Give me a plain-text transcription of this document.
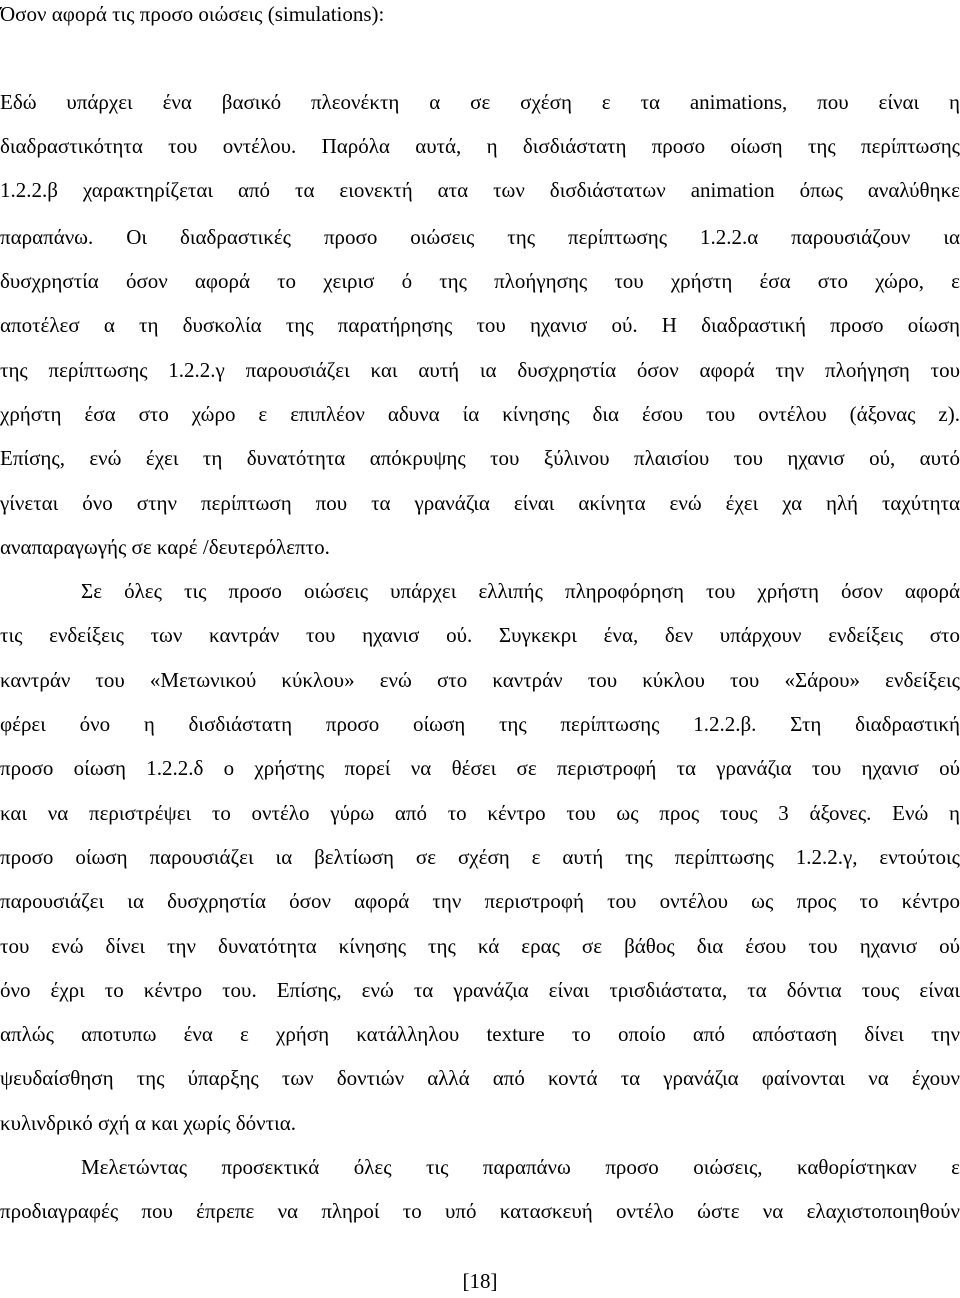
Όσον αφορά τις προσο οιώσεις (simulations):
Εδώ υπάρχει ένα βασικό πλεονέκτη α σε σχέση ε τα animations, που είναι η
διαδραστικότητα του οντέλου. Παρόλα αυτά, η δισδιάστατη προσο οίωση της περίπτωσης
1.2.2.β χαρακτηρίζεται από τα ειονεκτή ατα των δισδιάστατων animation όπως αναλύθηκε
παραπάνω. Οι διαδραστικές προσο οιώσεις της περίπτωσης 1.2.2.α παρουσιάζουν ια
δυσχρηστία όσον αφορά το χειρισ ό της πλοήγησης του χρήστη έσα στο χώρο, ε
αποτέλεσ α τη δυσκολία της παρατήρησης του ηχανισ ού. Η διαδραστική προσο οίωση
της περίπτωσης 1.2.2.γ παρουσιάζει και αυτή ια δυσχρηστία όσον αφορά την πλοήγηση του
χρήστη έσα στο χώρο ε επιπλέον αδυνα ία κίνησης δια έσου του οντέλου (άξονας z).
Επίσης, ενώ έχει τη δυνατότητα απόκρυψης του ξύλινου πλαισίου του ηχανισ ού, αυτό
γίνεται όνο στην περίπτωση που τα γρανάζια είναι ακίνητα ενώ έχει χα ηλή ταχύτητα
αναπαραγωγής σε καρέ /δευτερόλεπτο.
Σε όλες τις προσο οιώσεις υπάρχει ελλιπής πληροφόρηση του χρήστη όσον αφορά
τις ενδείξεις των καντράν του ηχανισ ού. Συγκεκρι ένα, δεν υπάρχουν ενδείξεις στο
καντράν του «Μετωνικού κύκλου» ενώ στο καντράν του κύκλου του «Σάρου» ενδείξεις
φέρει όνο η δισδιάστατη προσο οίωση της περίπτωσης 1.2.2.β. Στη διαδραστική
προσο οίωση 1.2.2.δ ο χρήστης πορεί να θέσει σε περιστροφή τα γρανάζια του ηχανισ ού
και να περιστρέψει το οντέλο γύρω από το κέντρο του ως προς τους 3 άξονες. Ενώ η
προσο οίωση παρουσιάζει ια βελτίωση σε σχέση ε αυτή της περίπτωσης 1.2.2.γ, εντούτοις
παρουσιάζει ια δυσχρηστία όσον αφορά την περιστροφή του οντέλου ως προς το κέντρο
του ενώ δίνει την δυνατότητα κίνησης της κά ερας σε βάθος δια έσου του ηχανισ ού
όνο έχρι το κέντρο του. Επίσης, ενώ τα γρανάζια είναι τρισδιάστατα, τα δόντια τους είναι
απλώς αποτυπω ένα ε χρήση κατάλληλου texture το οποίο από απόσταση δίνει την
ψευδαίσθηση της ύπαρξης των δοντιών αλλά από κοντά τα γρανάζια φαίνονται να έχουν
κυλινδρικό σχή α και χωρίς δόντια.
Μελετώντας προσεκτικά όλες τις παραπάνω προσο οιώσεις, καθορίστηκαν ε
προδιαγραφές που έπρεπε να πληροί το υπό κατασκευή οντέλο ώστε να ελαχιστοποιηθούν
[18]
